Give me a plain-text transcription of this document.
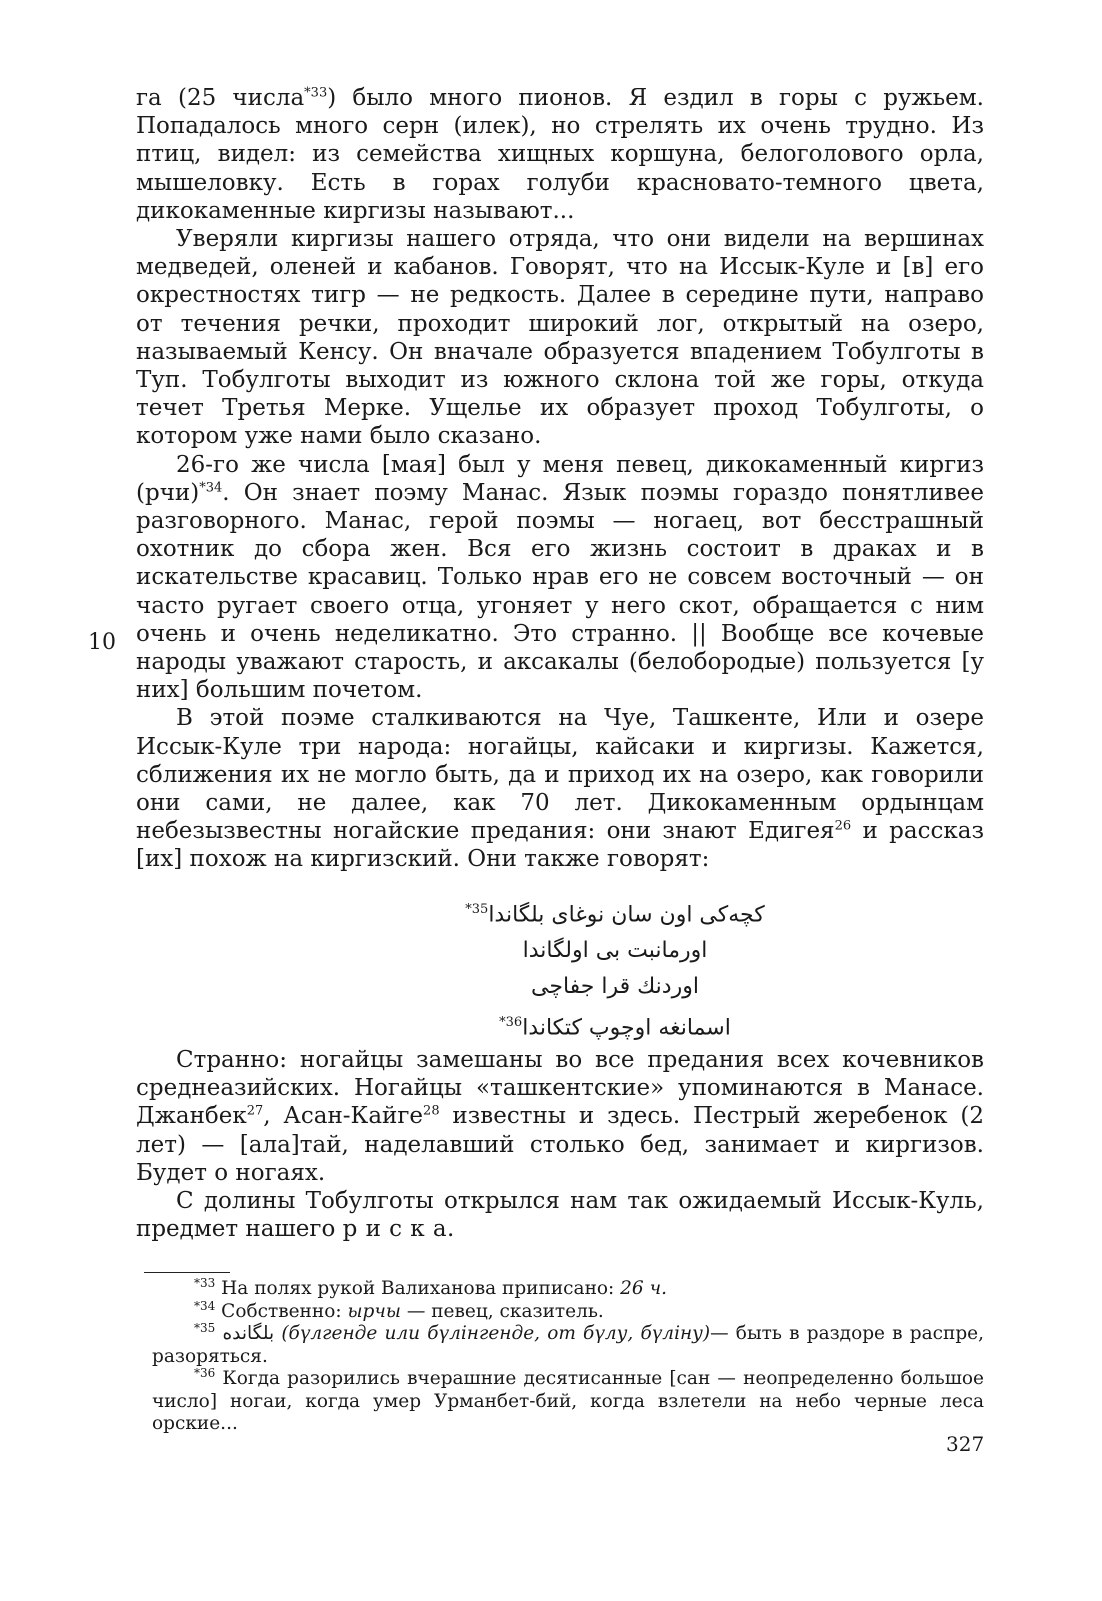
га (25 числа$^{*33}$) было много пионов. Я ездил в горы с ружьем. Попадалось много серн (илек), но стрелять их очень трудно. Из птиц, видел: из семейства хищных коршуна, белоголового орла, мышеловку. Есть в горах голуби красновато-темного цвета, дикокаменные киргизы называют...

Уверяли киргизы нашего отряда, что они видели на вершинах медведей, оленей и кабанов. Говорят, что на Иссык-Куле и [в] его окрестностях тигр — не редкость. Далее в середине пути, направо от течения речки, проходит широкий лог, открытый на озеро, называемый Кенсу. Он вначале образуется впадением Тобулготы в Туп. Тобулготы выходит из южного склона той же горы, откуда течет Третья Мерке. Ущелье их образует проход Тобулготы, о котором уже нами было сказано.

26-го же числа [мая] был у меня певец, дикокаменный киргиз (рчи)$^{*34}$. Он знает поэму Манас. Язык поэмы гораздо понятливее разговорного. Манас, герой поэмы — ногаец, вот бесстрашный охотник до сбора жен. Вся его жизнь состоит в драках и в искательстве красавиц. Только нрав его не совсем восточный — он часто ругает своего отца, угоняет у него скот, обращается с ним очень и очень неделикатно. Это странно. || Вообще все кочевые народы уважают старость, и аксакалы (белобородые) пользуется [у них] большим почетом.

В этой поэме сталкиваются на Чуе, Ташкенте, Или и озере Иссык-Куле три народа: ногайцы, кайсаки и киргизы. Кажется, сближения их не могло быть, да и приход их на озеро, как говорили они сами, не далее, как 70 лет. Дикокаменным ордынцам небезызвестны ногайские предания: они знают Едигея$^{26}$ и рассказ [их] похож на киргизский. Они также говорят:

10
کچه‌کی اون سان نوغای بلگاندا$^{*35}$
اورمانبت بی اولگاندا
اوردنك قرا جفاچی
اسمانغه اوچوپ کتکاندا$^{*36}$

Странно: ногайцы замешаны во все предания всех кочевников среднеазийских. Ногайцы «ташкентские» упоминаются в Манасе. Джанбек$^{27}$, Асан-Кайге$^{28}$ известны и здесь. Пестрый жеребенок (2 лет) — [ала]тай, наделавший столько бед, занимает и киргизов. Будет о ногаях.

С долины Тобулготы открылся нам так ожидаемый Иссык-Куль, предмет нашего р и с к а.

$^{*33}$ На полях рукой Валиханова приписано: 26 ч.

$^{*34}$ Собственно: ырчы — певец, сказитель.

$^{*35}$ بلگانده (бүлгенде или бүлiнгенде, от бүлу, бүлiну)— быть в раздоре в распре, разоряться.

$^{*36}$ Когда разорились вчерашние десятисанные [сан — неопределенно большое число] ногаи, когда умер Урманбет-бий, когда взлетели на небо черные леса орские...

327
